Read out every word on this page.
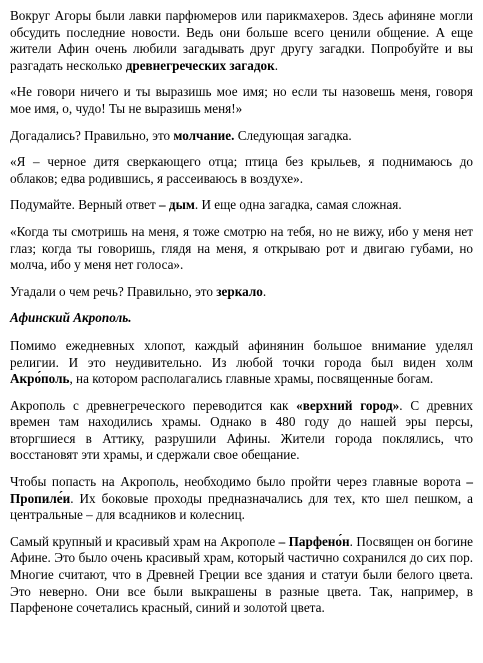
Вокруг Агоры были лавки парфюмеров или парикмахеров. Здесь афиняне могли обсудить последние новости. Ведь они больше всего ценили общение. А еще жители Афин очень любили загадывать друг другу загадки. Попробуйте и вы разгадать несколько древнегреческих загадок.

«Не говори ничего и ты выразишь мое имя; но если ты назовешь меня, говоря мое имя, о, чудо! Ты не выразишь меня!»

Догадались? Правильно, это молчание. Следующая загадка.

«Я – черное дитя сверкающего отца; птица без крыльев, я поднимаюсь до облаков; едва родившись, я рассеиваюсь в воздухе».

Подумайте. Верный ответ – дым. И еще одна загадка, самая сложная.

«Когда ты смотришь на меня, я тоже смотрю на тебя, но не вижу, ибо у меня нет глаз; когда ты говоришь, глядя на меня, я открываю рот и двигаю губами, но молча, ибо у меня нет голоса».

Угадали о чем речь? Правильно, это зеркало.

Афинский Акрополь.

Помимо ежедневных хлопот, каждый афинянин большое внимание уделял религии. И это неудивительно. Из любой точки города был виден холм Акро́поль, на котором располагались главные храмы, посвященные богам.

Акрополь с древнегреческого переводится как «верхний город». С древних времен там находились храмы. Однако в 480 году до нашей эры персы, вторгшиеся в Аттику, разрушили Афины. Жители города поклялись, что восстановят эти храмы, и сдержали свое обещание.

Чтобы попасть на Акрополь, необходимо было пройти через главные ворота – Пропиле́и. Их боковые проходы предназначались для тех, кто шел пешком, а центральные – для всадников и колесниц.

Самый крупный и красивый храм на Акрополе – Парфено́н. Посвящен он богине Афине. Это было очень красивый храм, который частично сохранился до сих пор. Многие считают, что в Древней Греции все здания и статуи были белого цвета. Это неверно. Они все были выкрашены в разные цвета. Так, например, в Парфеноне сочетались красный, синий и золотой цвета.
